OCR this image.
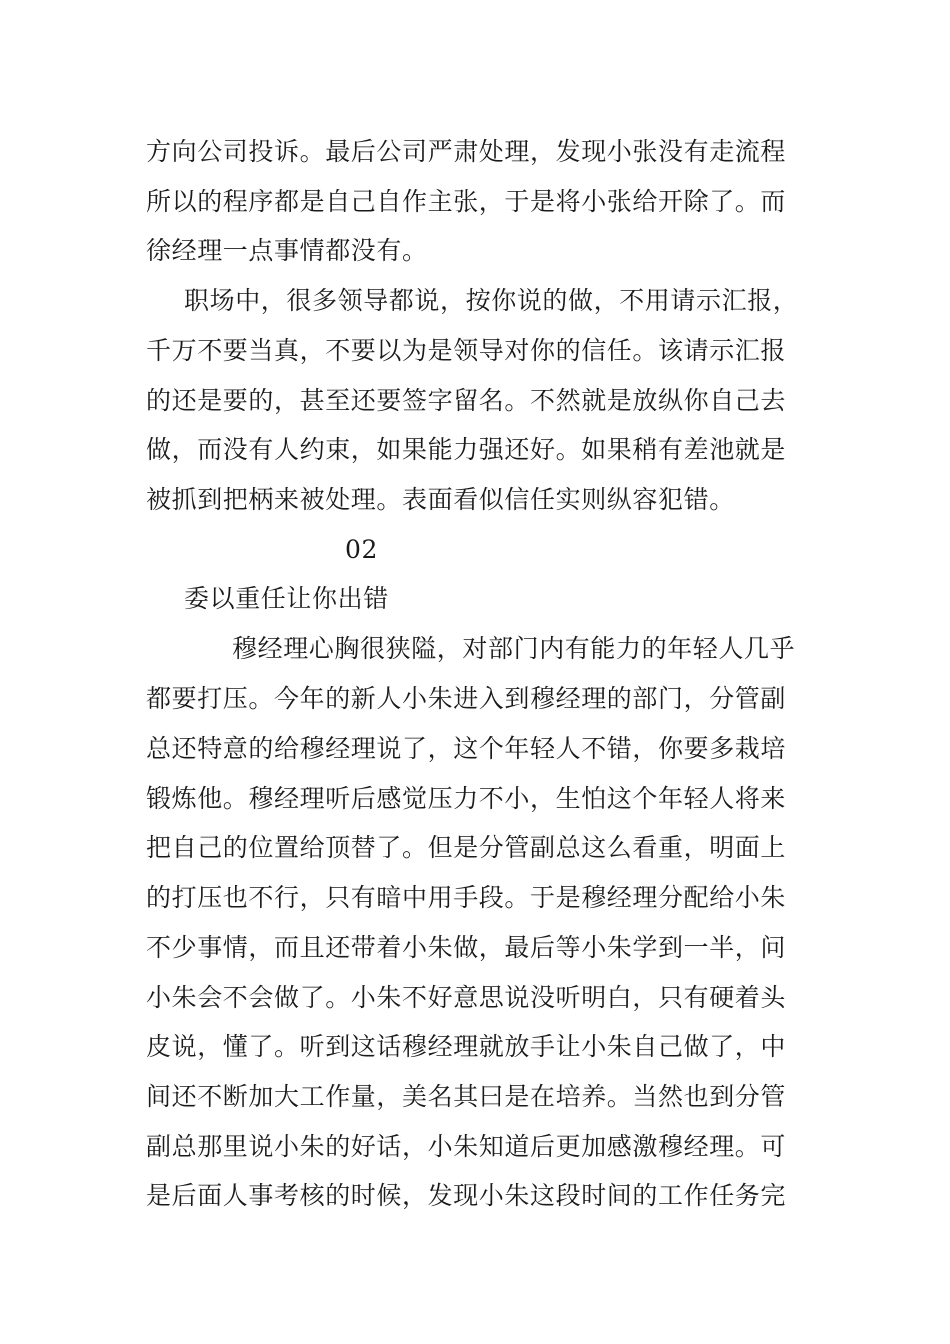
方向公司投诉。最后公司严肃处理，发现小张没有走流程
所以的程序都是自己自作主张，于是将小张给开除了。而
徐经理一点事情都没有。
职场中，很多领导都说，按你说的做，不用请示汇报，
千万不要当真，不要以为是领导对你的信任。该请示汇报
的还是要的，甚至还要签字留名。不然就是放纵你自己去
做，而没有人约束，如果能力强还好。如果稍有差池就是
被抓到把柄来被处理。表面看似信任实则纵容犯错。
02
委以重任让你出错
穆经理心胸很狭隘，对部门内有能力的年轻人几乎
都要打压。今年的新人小朱进入到穆经理的部门，分管副
总还特意的给穆经理说了，这个年轻人不错，你要多栽培
锻炼他。穆经理听后感觉压力不小，生怕这个年轻人将来
把自己的位置给顶替了。但是分管副总这么看重，明面上
的打压也不行，只有暗中用手段。于是穆经理分配给小朱
不少事情，而且还带着小朱做，最后等小朱学到一半，问
小朱会不会做了。小朱不好意思说没听明白，只有硬着头
皮说，懂了。听到这话穆经理就放手让小朱自己做了，中
间还不断加大工作量，美名其曰是在培养。当然也到分管
副总那里说小朱的好话，小朱知道后更加感激穆经理。可
是后面人事考核的时候，发现小朱这段时间的工作任务完
